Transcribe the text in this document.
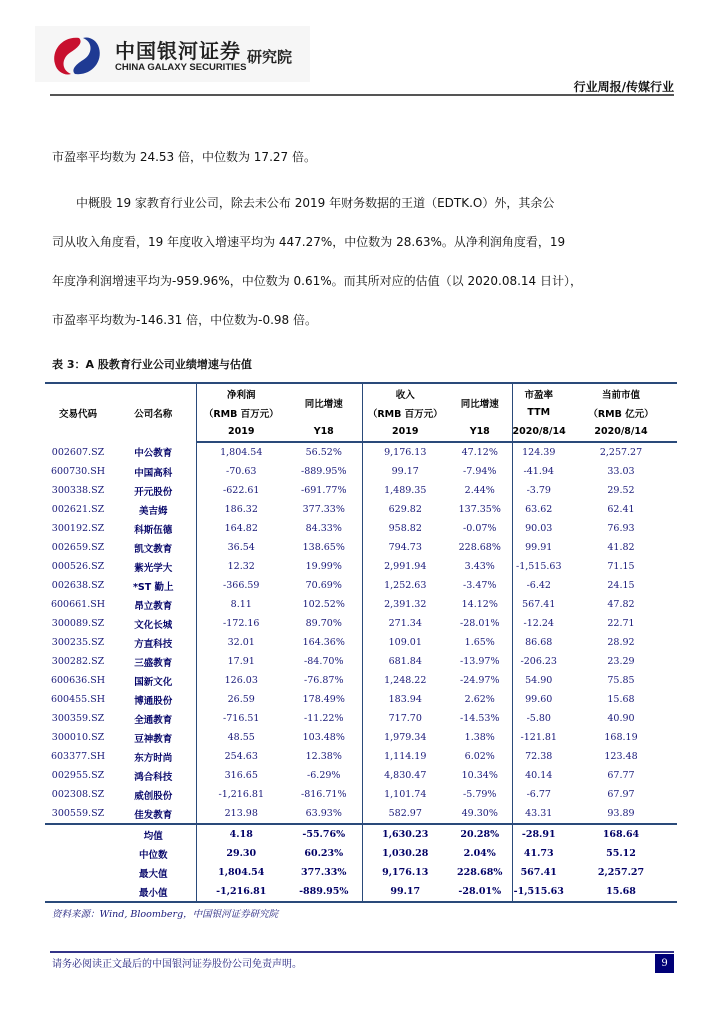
中国银河证券
CHINA GALAXY SECURITIES
研究院
行业周报/传媒行业
市盈率平均数为 24.53 倍，中位数为 17.27 倍。
中概股 19 家教育行业公司，除去未公布 2019 年财务数据的王道（EDTK.O）外，其余公
司从收入角度看，19 年度收入增速平均为 447.27%，中位数为 28.63%。从净利润角度看，19
年度净利润增速平均为-959.96%，中位数为 0.61%。而其所对应的估值（以 2020.08.14 日计），
市盈率平均数为-146.31 倍，中位数为-0.98 倍。
表 3：A 股教育行业公司业绩增速与估值
交易代码	公司名称	净利润	同比增速	收入	同比增速	市盈率	当前市值
		（RMB 百万元）		（RMB 百万元）		TTM	（RMB 亿元）
		2019	Y18	2019	Y18	2020/8/14	2020/8/14
002607.SZ	中公教育	1,804.54	56.52%	9,176.13	47.12%	124.39	2,257.27
600730.SH	中国高科	-70.63	-889.95%	99.17	-7.94%	-41.94	33.03
300338.SZ	开元股份	-622.61	-691.77%	1,489.35	2.44%	-3.79	29.52
002621.SZ	美吉姆	186.32	377.33%	629.82	137.35%	63.62	62.41
300192.SZ	科斯伍德	164.82	84.33%	958.82	-0.07%	90.03	76.93
002659.SZ	凯文教育	36.54	138.65%	794.73	228.68%	99.91	41.82
000526.SZ	紫光学大	12.32	19.99%	2,991.94	3.43%	-1,515.63	71.15
002638.SZ	*ST 勤上	-366.59	70.69%	1,252.63	-3.47%	-6.42	24.15
600661.SH	昂立教育	8.11	102.52%	2,391.32	14.12%	567.41	47.82
300089.SZ	文化长城	-172.16	89.70%	271.34	-28.01%	-12.24	22.71
300235.SZ	方直科技	32.01	164.36%	109.01	1.65%	86.68	28.92
300282.SZ	三盛教育	17.91	-84.70%	681.84	-13.97%	-206.23	23.29
600636.SH	国新文化	126.03	-76.87%	1,248.22	-24.97%	54.90	75.85
600455.SH	博通股份	26.59	178.49%	183.94	2.62%	99.60	15.68
300359.SZ	全通教育	-716.51	-11.22%	717.70	-14.53%	-5.80	40.90
300010.SZ	豆神教育	48.55	103.48%	1,979.34	1.38%	-121.81	168.19
603377.SH	东方时尚	254.63	12.38%	1,114.19	6.02%	72.38	123.48
002955.SZ	鸿合科技	316.65	-6.29%	4,830.47	10.34%	40.14	67.77
002308.SZ	威创股份	-1,216.81	-816.71%	1,101.74	-5.79%	-6.77	67.97
300559.SZ	佳发教育	213.98	63.93%	582.97	49.30%	43.31	93.89
	均值	4.18	-55.76%	1,630.23	20.28%	-28.91	168.64
	中位数	29.30	60.23%	1,030.28	2.04%	41.73	55.12
	最大值	1,804.54	377.33%	9,176.13	228.68%	567.41	2,257.27
	最小值	-1,216.81	-889.95%	99.17	-28.01%	-1,515.63	15.68
资料来源：Wind, Bloomberg，中国银河证券研究院
请务必阅读正文最后的中国银河证券股份公司免责声明。	9
